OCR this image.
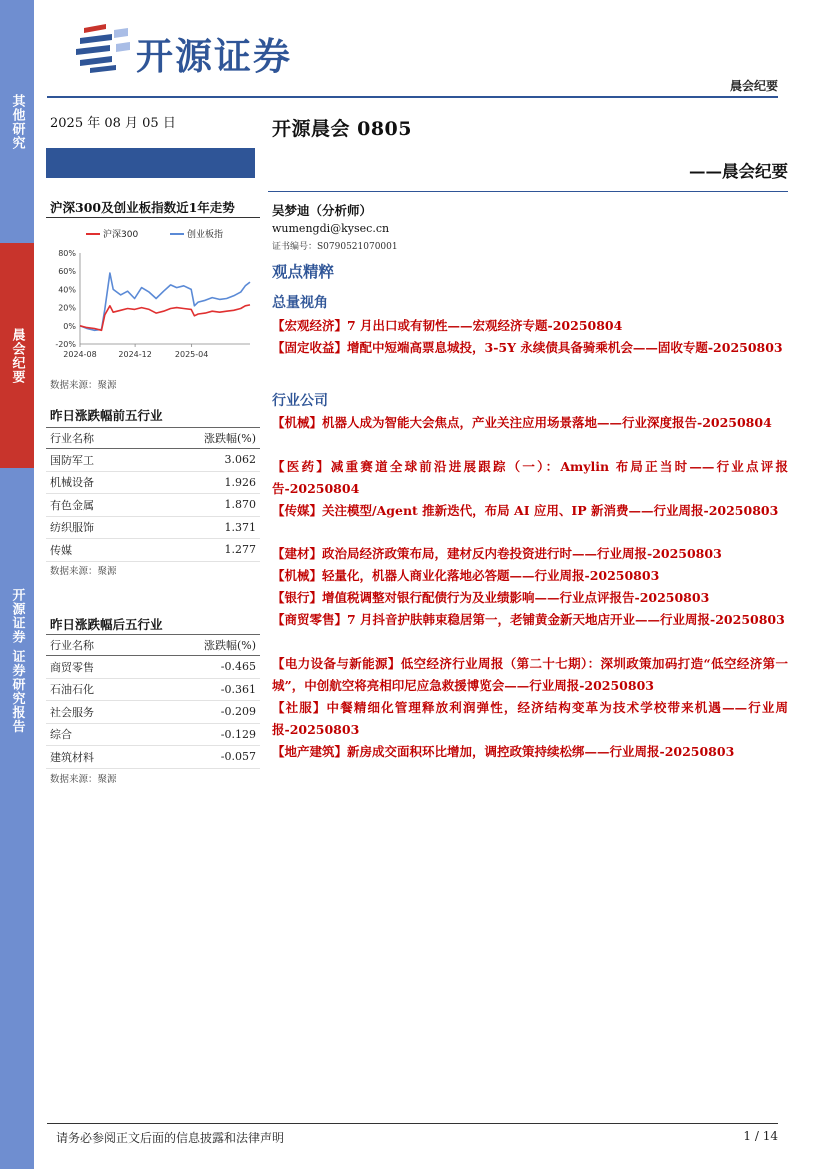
其他研究
晨会纪要
开源证券 证券研究报告
开源证券
晨会纪要
2025 年 08 月 05 日
沪深300及创业板指数近1年走势
-20%
0%
20%
40%
60%
80%
2024-08	2024-12	2025-04
沪深300	创业板指
数据来源：聚源
昨日涨跌幅前五行业
行业名称	涨跌幅(%)
国防军工	3.062
机械设备	1.926
有色金属	1.870
纺织服饰	1.371
传媒	1.277
数据来源：聚源
昨日涨跌幅后五行业
行业名称	涨跌幅(%)
商贸零售	-0.465
石油石化	-0.361
社会服务	-0.209
综合	-0.129
建筑材料	-0.057
数据来源：聚源
开源晨会 0805
——晨会纪要
吴梦迪（分析师）
wumengdi@kysec.cn
证书编号：S0790521070001
观点精粹
总量视角

【宏观经济】7 月出口或有韧性——宏观经济专题-20250804

【固定收益】增配中短端高票息城投，3-5Y 永续债具备骑乘机会——固收专题-20250803

行业公司

【机械】机器人成为智能大会焦点，产业关注应用场景落地——行业深度报告-20250804

【医药】减重赛道全球前沿进展跟踪（一）：Amylin 布局正当时——行业点评报告-20250804

【传媒】关注模型/Agent 推新迭代，布局 AI 应用、IP 新消费——行业周报-20250803

【建材】政治局经济政策布局，建材反内卷投资进行时——行业周报-20250803

【机械】轻量化，机器人商业化落地必答题——行业周报-20250803

【银行】增值税调整对银行配债行为及业绩影响——行业点评报告-20250803

【商贸零售】7 月抖音护肤韩束稳居第一，老铺黄金新天地店开业——行业周报-20250803

【电力设备与新能源】低空经济行业周报（第二十七期）：深圳政策加码打造“低空经济第一城”，中创航空将亮相印尼应急救援博览会——行业周报-20250803

【社服】中餐精细化管理释放利润弹性，经济结构变革为技术学校带来机遇——行业周报-20250803

【地产建筑】新房成交面积环比增加，调控政策持续松绑——行业周报-20250803

请务必参阅正文后面的信息披露和法律声明	1 / 14
